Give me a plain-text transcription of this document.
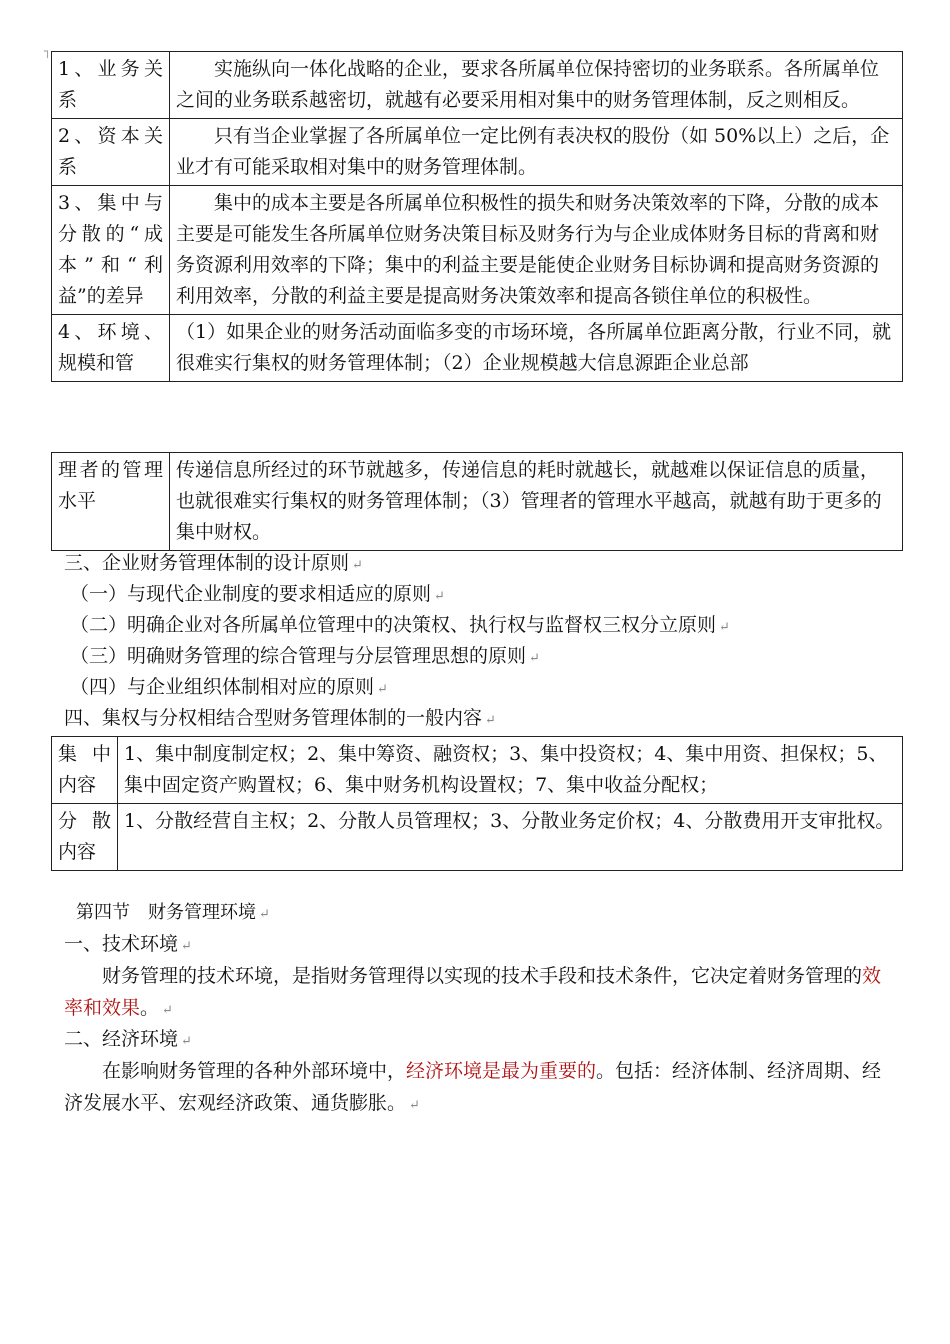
┐
1、业务关系	实施纵向一体化战略的企业，要求各所属单位保持密切的业务联系。各所属单位之间的业务联系越密切，就越有必要采用相对集中的财务管理体制，反之则相反。
2、资本关系	只有当企业掌握了各所属单位一定比例有表决权的股份（如 50%以上）之后，企业才有可能采取相对集中的财务管理体制。
3、集中与分散的“成本”和“利益”的差异	集中的成本主要是各所属单位积极性的损失和财务决策效率的下降，分散的成本主要是可能发生各所属单位财务决策目标及财务行为与企业成体财务目标的背离和财务资源利用效率的下降；集中的利益主要是能使企业财务目标协调和提高财务资源的利用效率，分散的利益主要是提高财务决策效率和提高各锁住单位的积极性。
4、环境、规模和管	（1）如果企业的财务活动面临多变的市场环境，各所属单位距离分散，行业不同，就很难实行集权的财务管理体制；（2）企业规模越大信息源距企业总部
理者的管理水平	传递信息所经过的环节就越多，传递信息的耗时就越长，就越难以保证信息的质量，也就很难实行集权的财务管理体制；（3）管理者的管理水平越高，就越有助于更多的集中财权。
三、企业财务管理体制的设计原则 ↵
（一）与现代企业制度的要求相适应的原则 ↵
（二）明确企业对各所属单位管理中的决策权、执行权与监督权三权分立原则 ↵
（三）明确财务管理的综合管理与分层管理思想的原则 ↵
（四）与企业组织体制相对应的原则 ↵
四、集权与分权相结合型财务管理体制的一般内容 ↵
集中内容	1、集中制度制定权；2、集中筹资、融资权；3、集中投资权；4、集中用资、担保权；5、集中固定资产购置权；6、集中财务机构设置权；7、集中收益分配权；
分散内容	1、分散经营自主权；2、分散人员管理权；3、分散业务定价权；4、分散费用开支审批权。
第四节　财务管理环境 ↵
一、技术环境 ↵
财务管理的技术环境，是指财务管理得以实现的技术手段和技术条件，它决定着财务管理的效率和效果。 ↵
二、经济环境 ↵
在影响财务管理的各种外部环境中，经济环境是最为重要的。包括：经济体制、经济周期、经济发展水平、宏观经济政策、通货膨胀。 ↵
